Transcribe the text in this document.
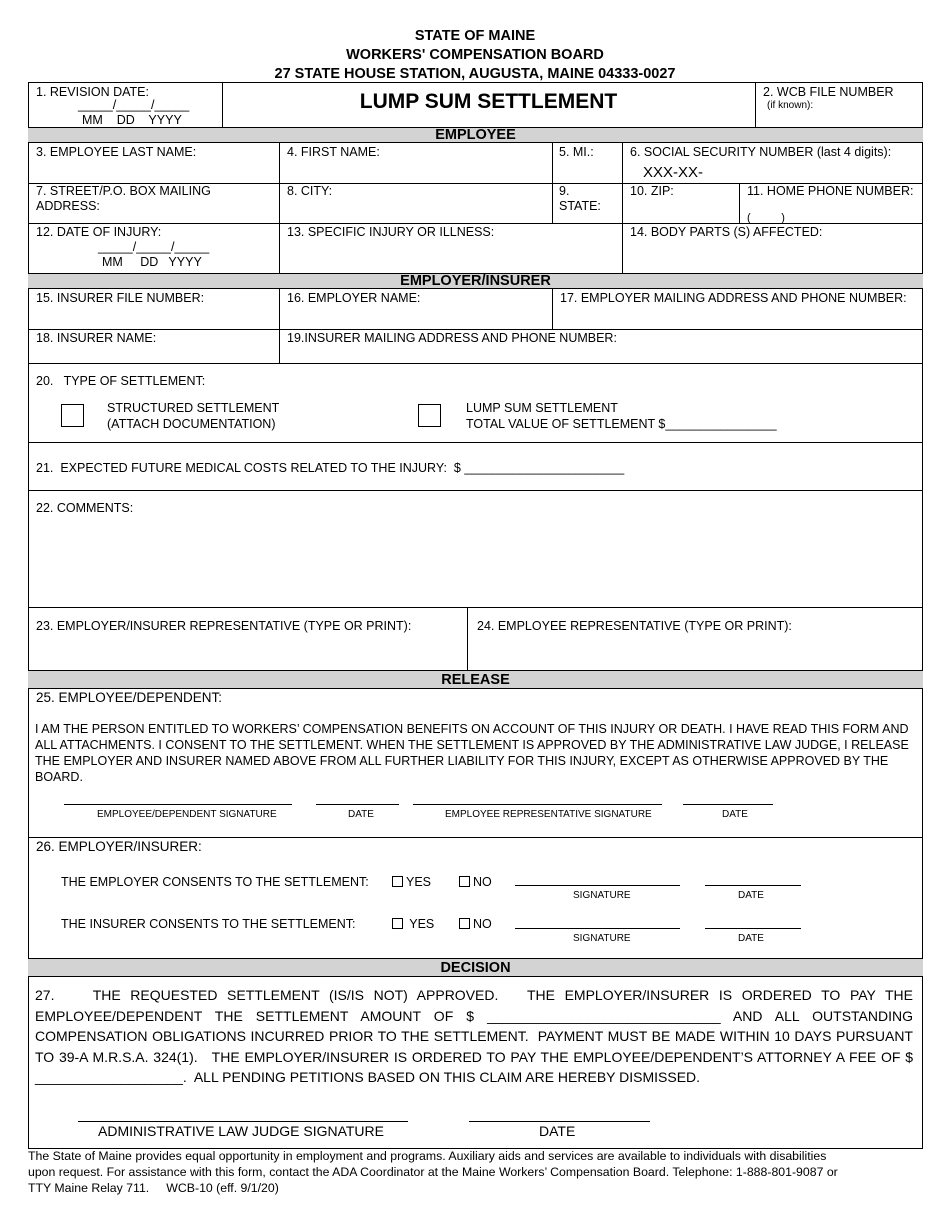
STATE OF MAINE
WORKERS' COMPENSATION BOARD
27 STATE HOUSE STATION, AUGUSTA, MAINE 04333-0027
1. REVISION DATE:
_____/_____/_____
MM    DD    YYYY
LUMP SUM SETTLEMENT	2. WCB FILE NUMBER
(if known):
EMPLOYEE
3. EMPLOYEE LAST NAME:	4. FIRST NAME:	5. MI.:	6. SOCIAL SECURITY NUMBER (last 4 digits):
XXX-XX-
7. STREET/P.O. BOX MAILING
ADDRESS:
8. CITY:	9.
STATE:
10. ZIP:	11. HOME PHONE NUMBER:
(          )
12. DATE OF INJURY:
_____/_____/_____
MM     DD   YYYY
13. SPECIFIC INJURY OR ILLNESS:	14. BODY PARTS (S) AFFECTED:
EMPLOYER/INSURER
15. INSURER FILE NUMBER:	16. EMPLOYER NAME:	17. EMPLOYER MAILING ADDRESS AND PHONE NUMBER:
18. INSURER NAME:	19.INSURER MAILING ADDRESS AND PHONE NUMBER:
20.   TYPE OF SETTLEMENT:
STRUCTURED SETTLEMENT
(ATTACH DOCUMENTATION)
LUMP SUM SETTLEMENT
TOTAL VALUE OF SETTLEMENT $________________
21.  EXPECTED FUTURE MEDICAL COSTS RELATED TO THE INJURY:  $ _______________________
22. COMMENTS:
23. EMPLOYER/INSURER REPRESENTATIVE (TYPE OR PRINT):	24. EMPLOYEE REPRESENTATIVE (TYPE OR PRINT):
RELEASE
25. EMPLOYEE/DEPENDENT:
I AM THE PERSON ENTITLED TO WORKERS’ COMPENSATION BENEFITS ON ACCOUNT OF THIS INJURY OR DEATH. I HAVE READ THIS FORM AND ALL ATTACHMENTS. I CONSENT TO THE SETTLEMENT. WHEN THE SETTLEMENT IS APPROVED BY THE ADMINISTRATIVE LAW JUDGE, I RELEASE THE EMPLOYER AND INSURER NAMED ABOVE FROM ALL FURTHER LIABILITY FOR THIS INJURY, EXCEPT AS OTHERWISE APPROVED BY THE BOARD.
EMPLOYEE/DEPENDENT SIGNATURE	DATE	EMPLOYEE REPRESENTATIVE SIGNATURE	DATE
26. EMPLOYER/INSURER:
THE EMPLOYER CONSENTS TO THE SETTLEMENT:	YES	NO
SIGNATURE	DATE
THE INSURER CONSENTS TO THE SETTLEMENT:	YES	NO
SIGNATURE	DATE
DECISION
27.    THE REQUESTED SETTLEMENT (IS/IS NOT) APPROVED.   THE EMPLOYER/INSURER IS ORDERED TO PAY THE EMPLOYEE/DEPENDENT THE SETTLEMENT AMOUNT OF $ ______________________________ AND ALL OUTSTANDING COMPENSATION OBLIGATIONS INCURRED PRIOR TO THE SETTLEMENT.  PAYMENT MUST BE MADE WITHIN 10 DAYS PURSUANT TO 39-A M.R.S.A. 324(1).   THE EMPLOYER/INSURER IS ORDERED TO PAY THE EMPLOYEE/DEPENDENT’S ATTORNEY A FEE OF $ ___________________.  ALL PENDING PETITIONS BASED ON THIS CLAIM ARE HEREBY DISMISSED.
ADMINISTRATIVE LAW JUDGE SIGNATURE	DATE
The State of Maine provides equal opportunity in employment and programs. Auxiliary aids and services are available to individuals with disabilities
upon request. For assistance with this form, contact the ADA Coordinator at the Maine Workers’ Compensation Board. Telephone: 1-888-801-9087 or
TTY Maine Relay 711.     WCB-10 (eff. 9/1/20)
